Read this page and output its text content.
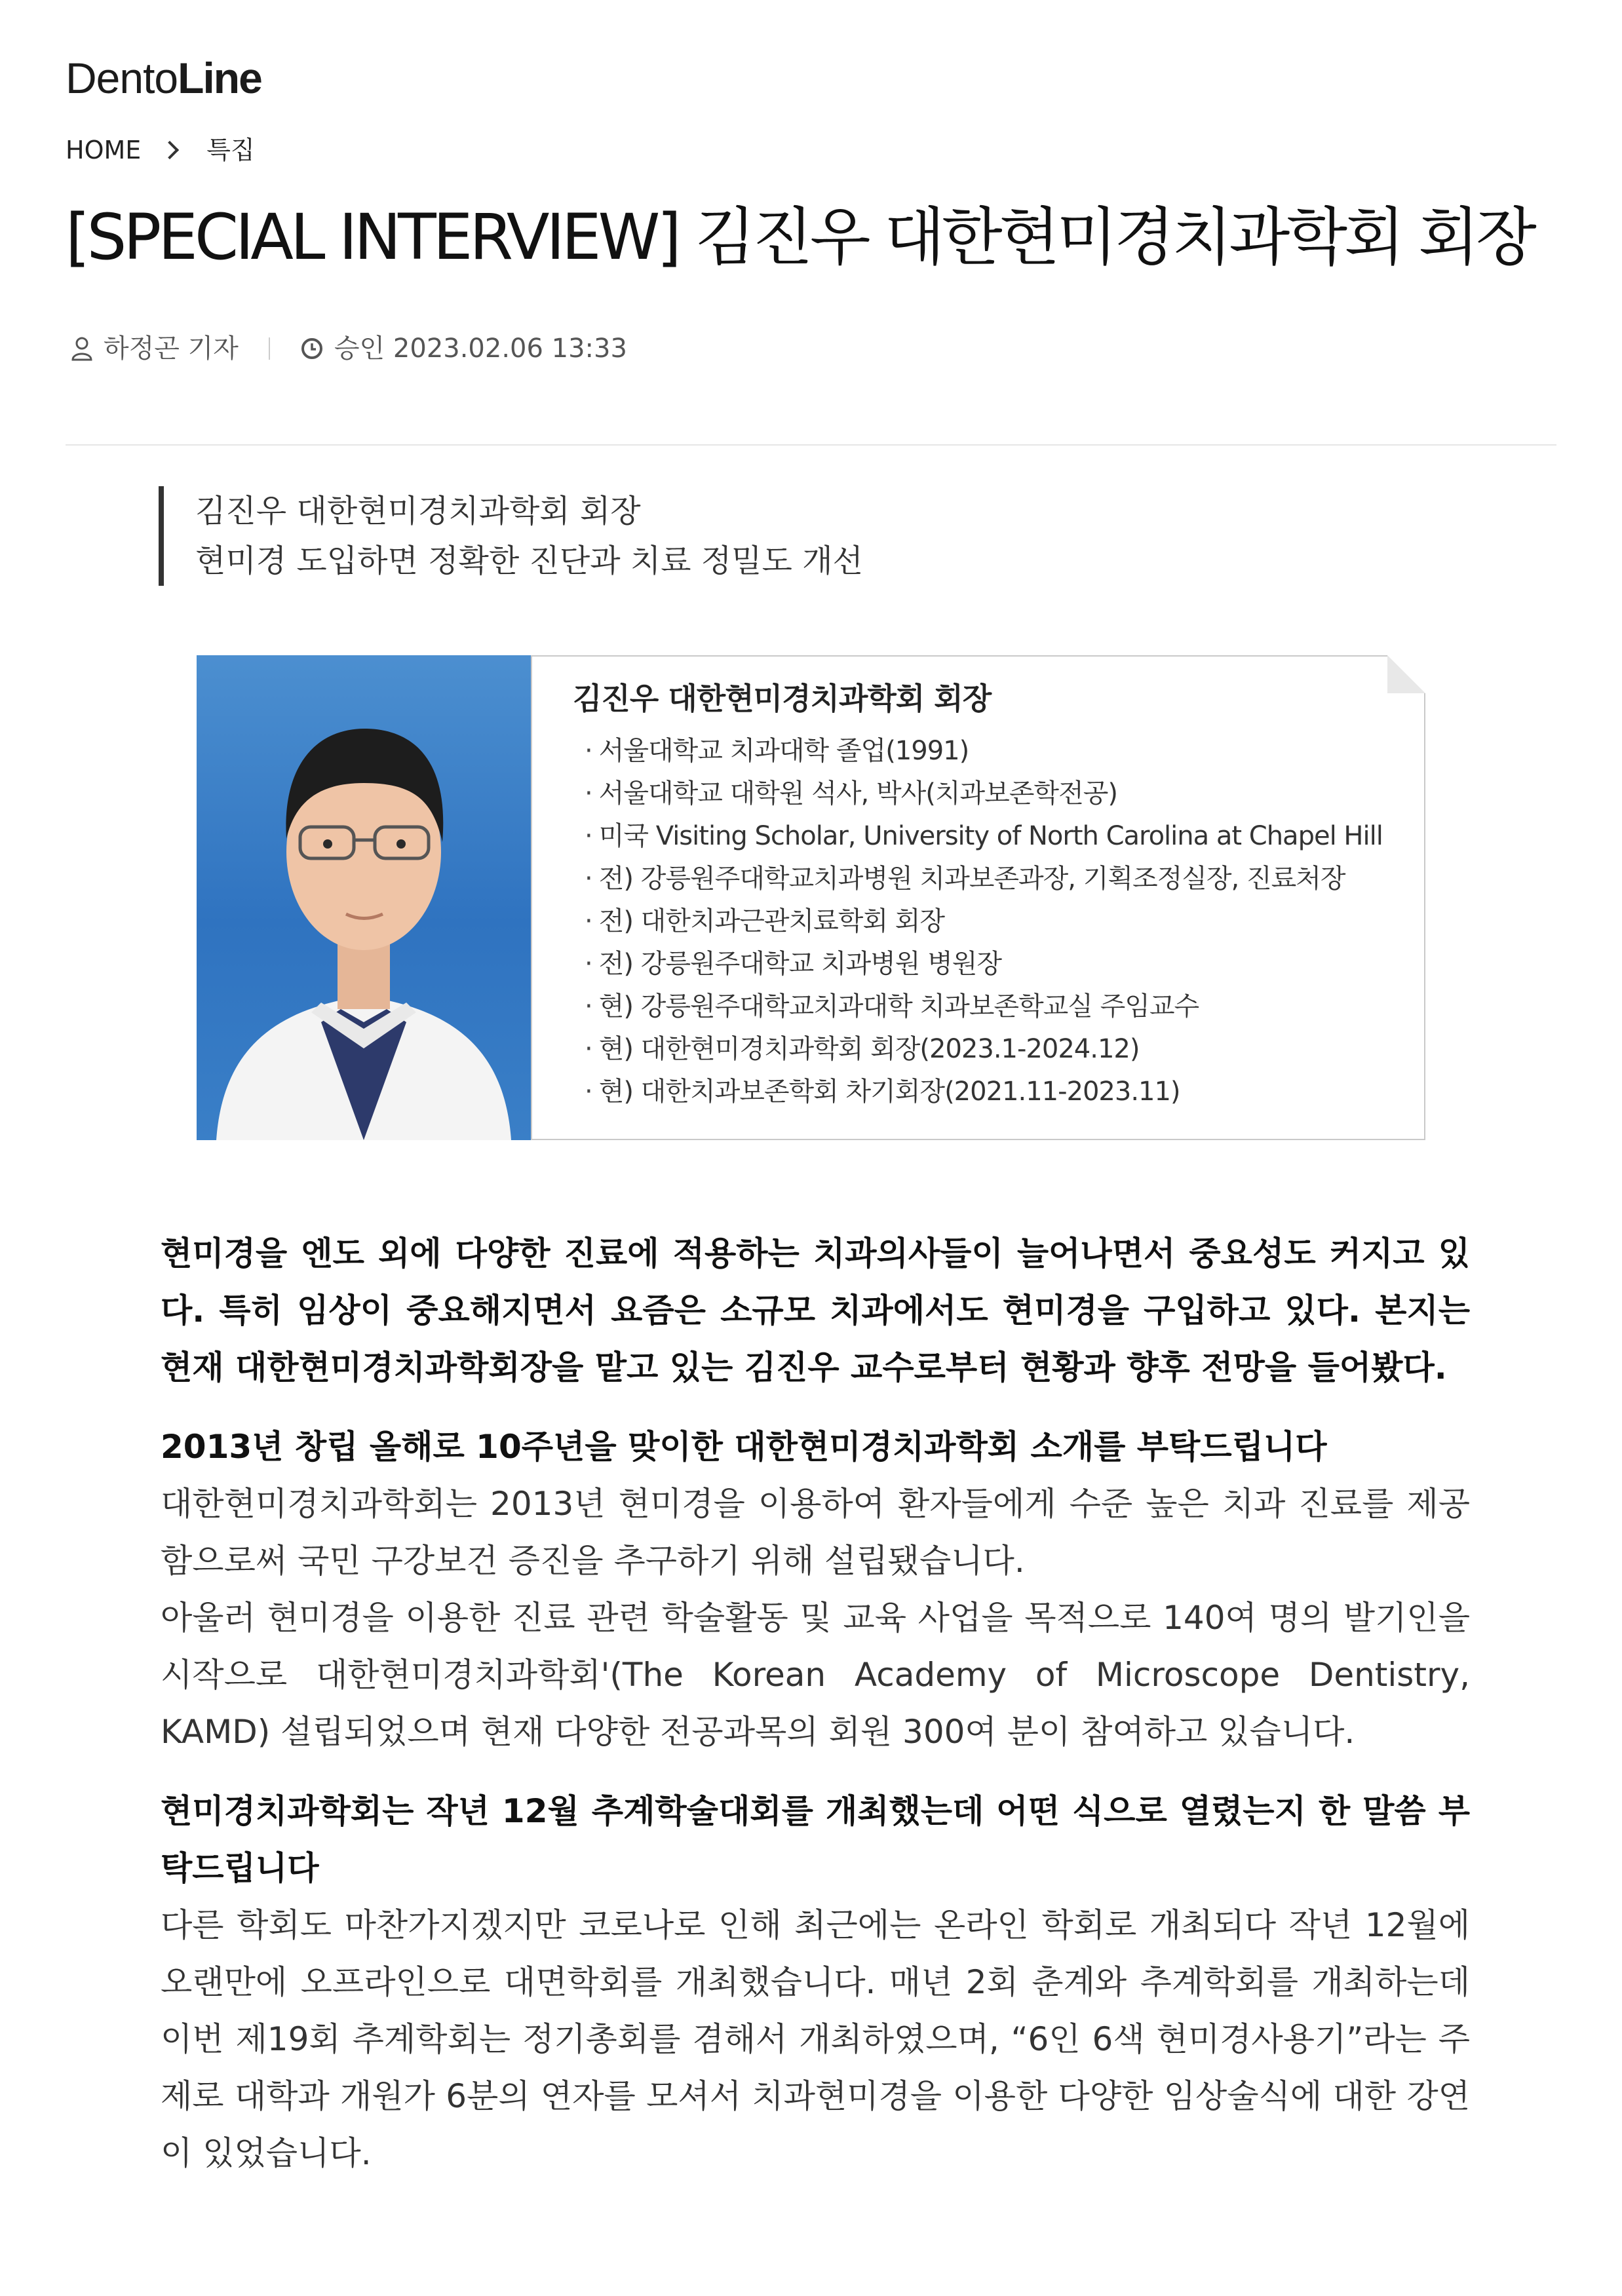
DentoLine
HOME	특집
[SPECIAL INTERVIEW] 김진우 대한현미경치과학회 회장
하정곤 기자	승인 2023.02.06 13:33
김진우 대한현미경치과학회 회장
현미경 도입하면 정확한 진단과 치료 정밀도 개선
김진우 대한현미경치과학회 회장
· 서울대학교 치과대학 졸업(1991)
· 서울대학교 대학원 석사, 박사(치과보존학전공)
· 미국 Visiting Scholar, University of North Carolina at Chapel Hill
· 전) 강릉원주대학교치과병원 치과보존과장, 기획조정실장, 진료처장
· 전) 대한치과근관치료학회 회장
· 전) 강릉원주대학교 치과병원 병원장
· 현) 강릉원주대학교치과대학 치과보존학교실 주임교수
· 현) 대한현미경치과학회 회장(2023.1-2024.12)
· 현) 대한치과보존학회 차기회장(2021.11-2023.11)

현미경을 엔도 외에 다양한 진료에 적용하는 치과의사들이 늘어나면서 중요성도 커지고 있다. 특히 임상이 중요해지면서 요즘은 소규모 치과에서도 현미경을 구입하고 있다. 본지는 현재 대한현미경치과학회장을 맡고 있는 김진우 교수로부터 현황과 향후 전망을 들어봤다.

2013년 창립 올해로 10주년을 맞이한 대한현미경치과학회 소개를 부탁드립니다

대한현미경치과학회는 2013년 현미경을 이용하여 환자들에게 수준 높은 치과 진료를 제공함으로써 국민 구강보건 증진을 추구하기 위해 설립됐습니다.

아울러 현미경을 이용한 진료 관련 학술활동 및 교육 사업을 목적으로 140여 명의 발기인을 시작으로 대한현미경치과학회'(The Korean Academy of Microscope Dentistry, KAMD) 설립되었으며 현재 다양한 전공과목의 회원 300여 분이 참여하고 있습니다.

현미경치과학회는 작년 12월 추계학술대회를 개최했는데 어떤 식으로 열렸는지 한 말씀 부탁드립니다

다른 학회도 마찬가지겠지만 코로나로 인해 최근에는 온라인 학회로 개최되다 작년 12월에 오랜만에 오프라인으로 대면학회를 개최했습니다. 매년 2회 춘계와 추계학회를 개최하는데 이번 제19회 추계학회는 정기총회를 겸해서 개최하였으며, “6인 6색 현미경사용기”라는 주제로 대학과 개원가 6분의 연자를 모셔서 치과현미경을 이용한 다양한 임상술식에 대한 강연이 있었습니다.
